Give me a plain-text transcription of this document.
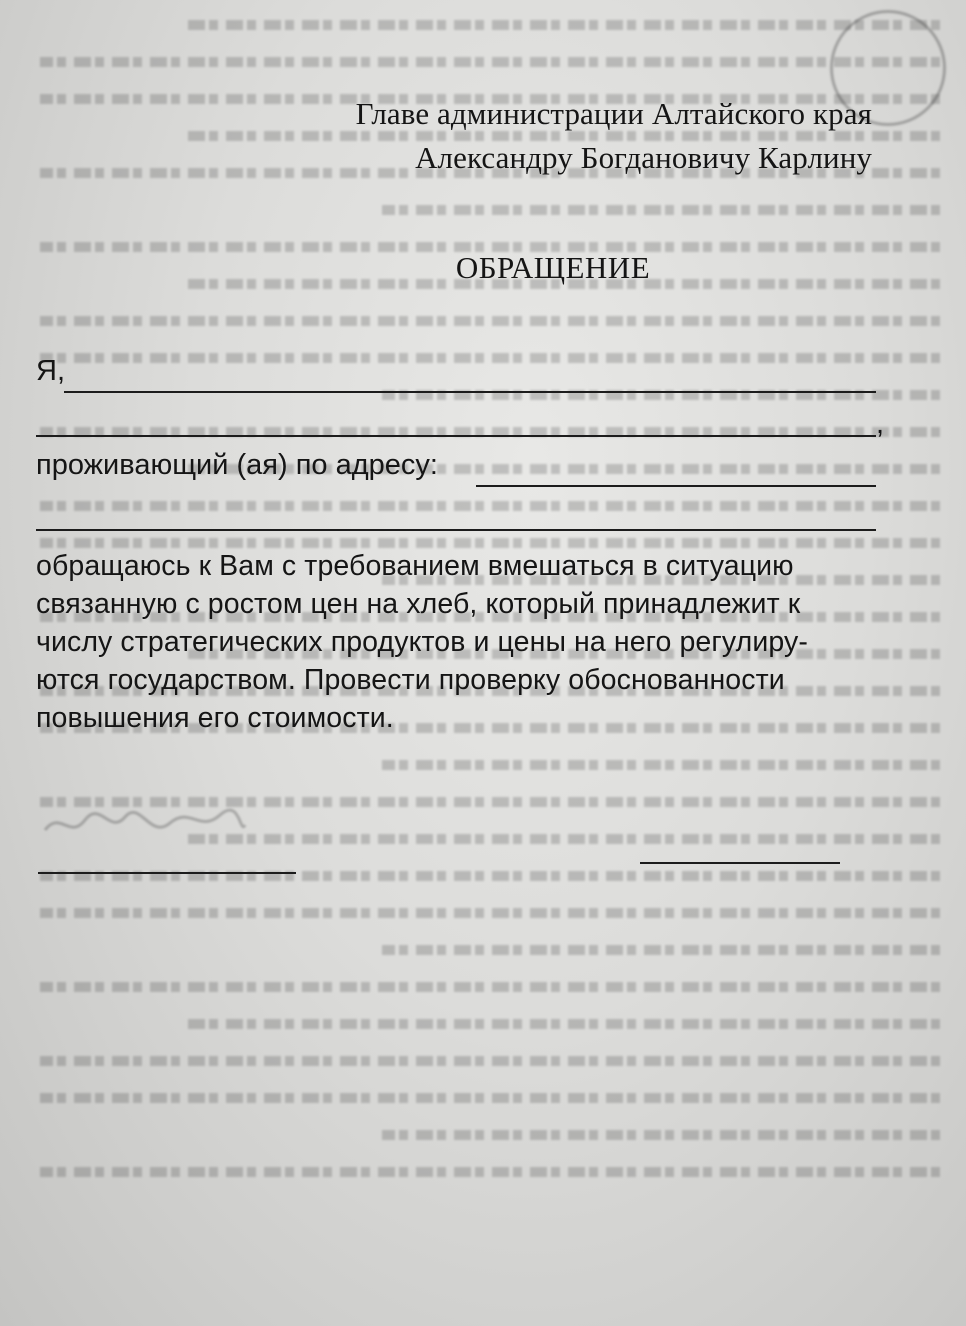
Главе администрации Алтайского края
Александру Богдановичу Карлину
ОБРАЩЕНИЕ
Я,
,
проживающий (ая) по адресу:
обращаюсь к Вам с требованием вмешаться в ситуацию
связанную с ростом цен на хлеб, который принадлежит к
числу стратегических продуктов и цены на него регулиру-
ются государством. Провести проверку обоснованности
повышения его стоимости.
